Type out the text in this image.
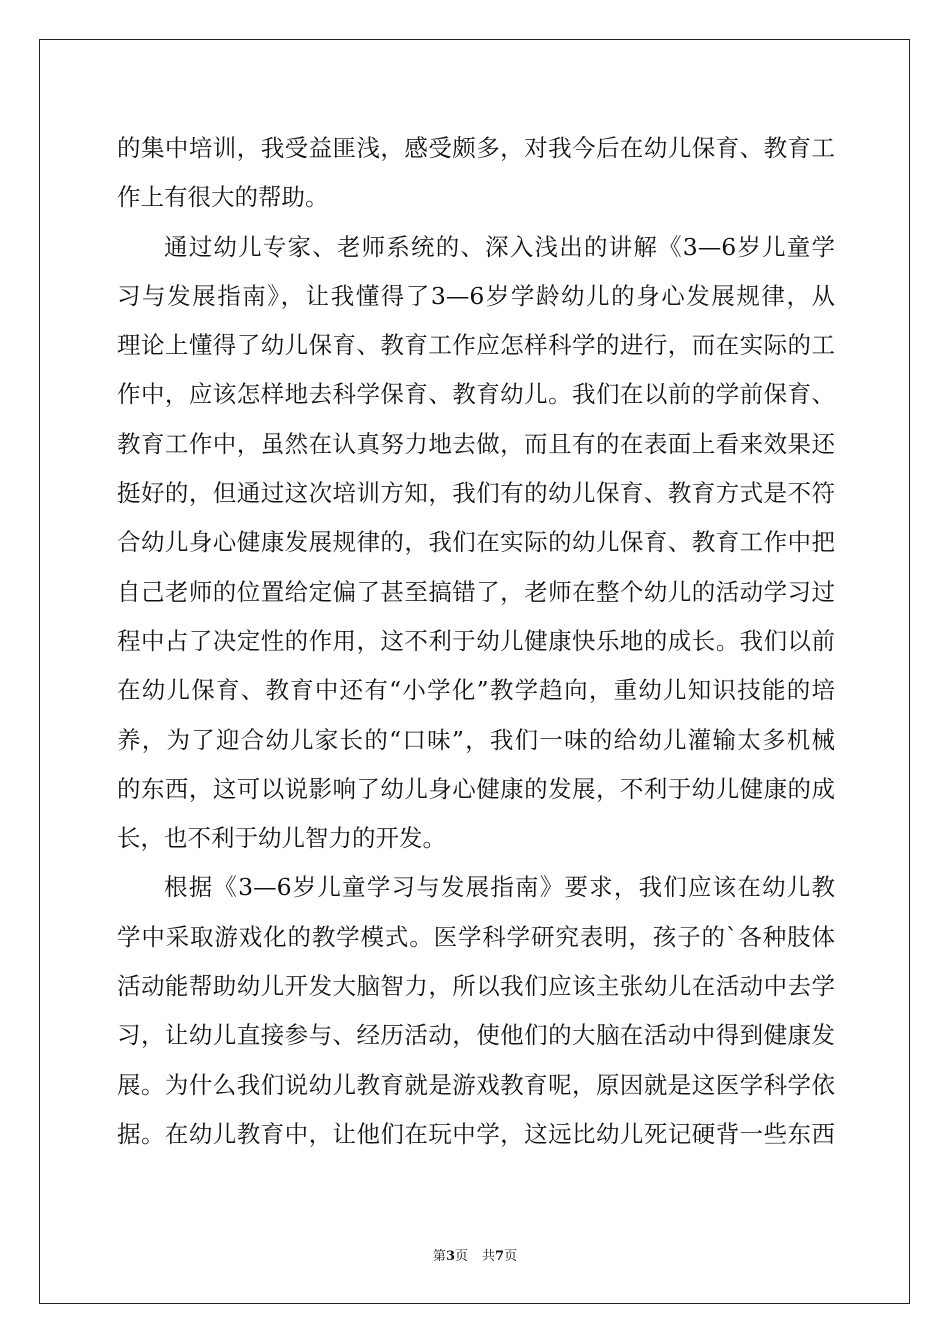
的集中培训，我受益匪浅，感受颇多，对我今后在幼儿保育、教育工
作上有很大的帮助。
通过幼儿专家、老师系统的、深入浅出的讲解《3—6岁儿童学
习与发展指南》，让我懂得了3—6岁学龄幼儿的身心发展规律，从
理论上懂得了幼儿保育、教育工作应怎样科学的进行，而在实际的工
作中，应该怎样地去科学保育、教育幼儿。我们在以前的学前保育、
教育工作中，虽然在认真努力地去做，而且有的在表面上看来效果还
挺好的，但通过这次培训方知，我们有的幼儿保育、教育方式是不符
合幼儿身心健康发展规律的，我们在实际的幼儿保育、教育工作中把
自己老师的位置给定偏了甚至搞错了，老师在整个幼儿的活动学习过
程中占了决定性的作用，这不利于幼儿健康快乐地的成长。我们以前
在幼儿保育、教育中还有“小学化”教学趋向，重幼儿知识技能的培
养，为了迎合幼儿家长的“口味”，我们一味的给幼儿灌输太多机械
的东西，这可以说影响了幼儿身心健康的发展，不利于幼儿健康的成
长，也不利于幼儿智力的开发。
根据《3—6岁儿童学习与发展指南》要求，我们应该在幼儿教
学中采取游戏化的教学模式。医学科学研究表明，孩子的`各种肢体
活动能帮助幼儿开发大脑智力，所以我们应该主张幼儿在活动中去学
习，让幼儿直接参与、经历活动，使他们的大脑在活动中得到健康发
展。为什么我们说幼儿教育就是游戏教育呢，原因就是这医学科学依
据。在幼儿教育中，让他们在玩中学，这远比幼儿死记硬背一些东西
第3页 共7页
